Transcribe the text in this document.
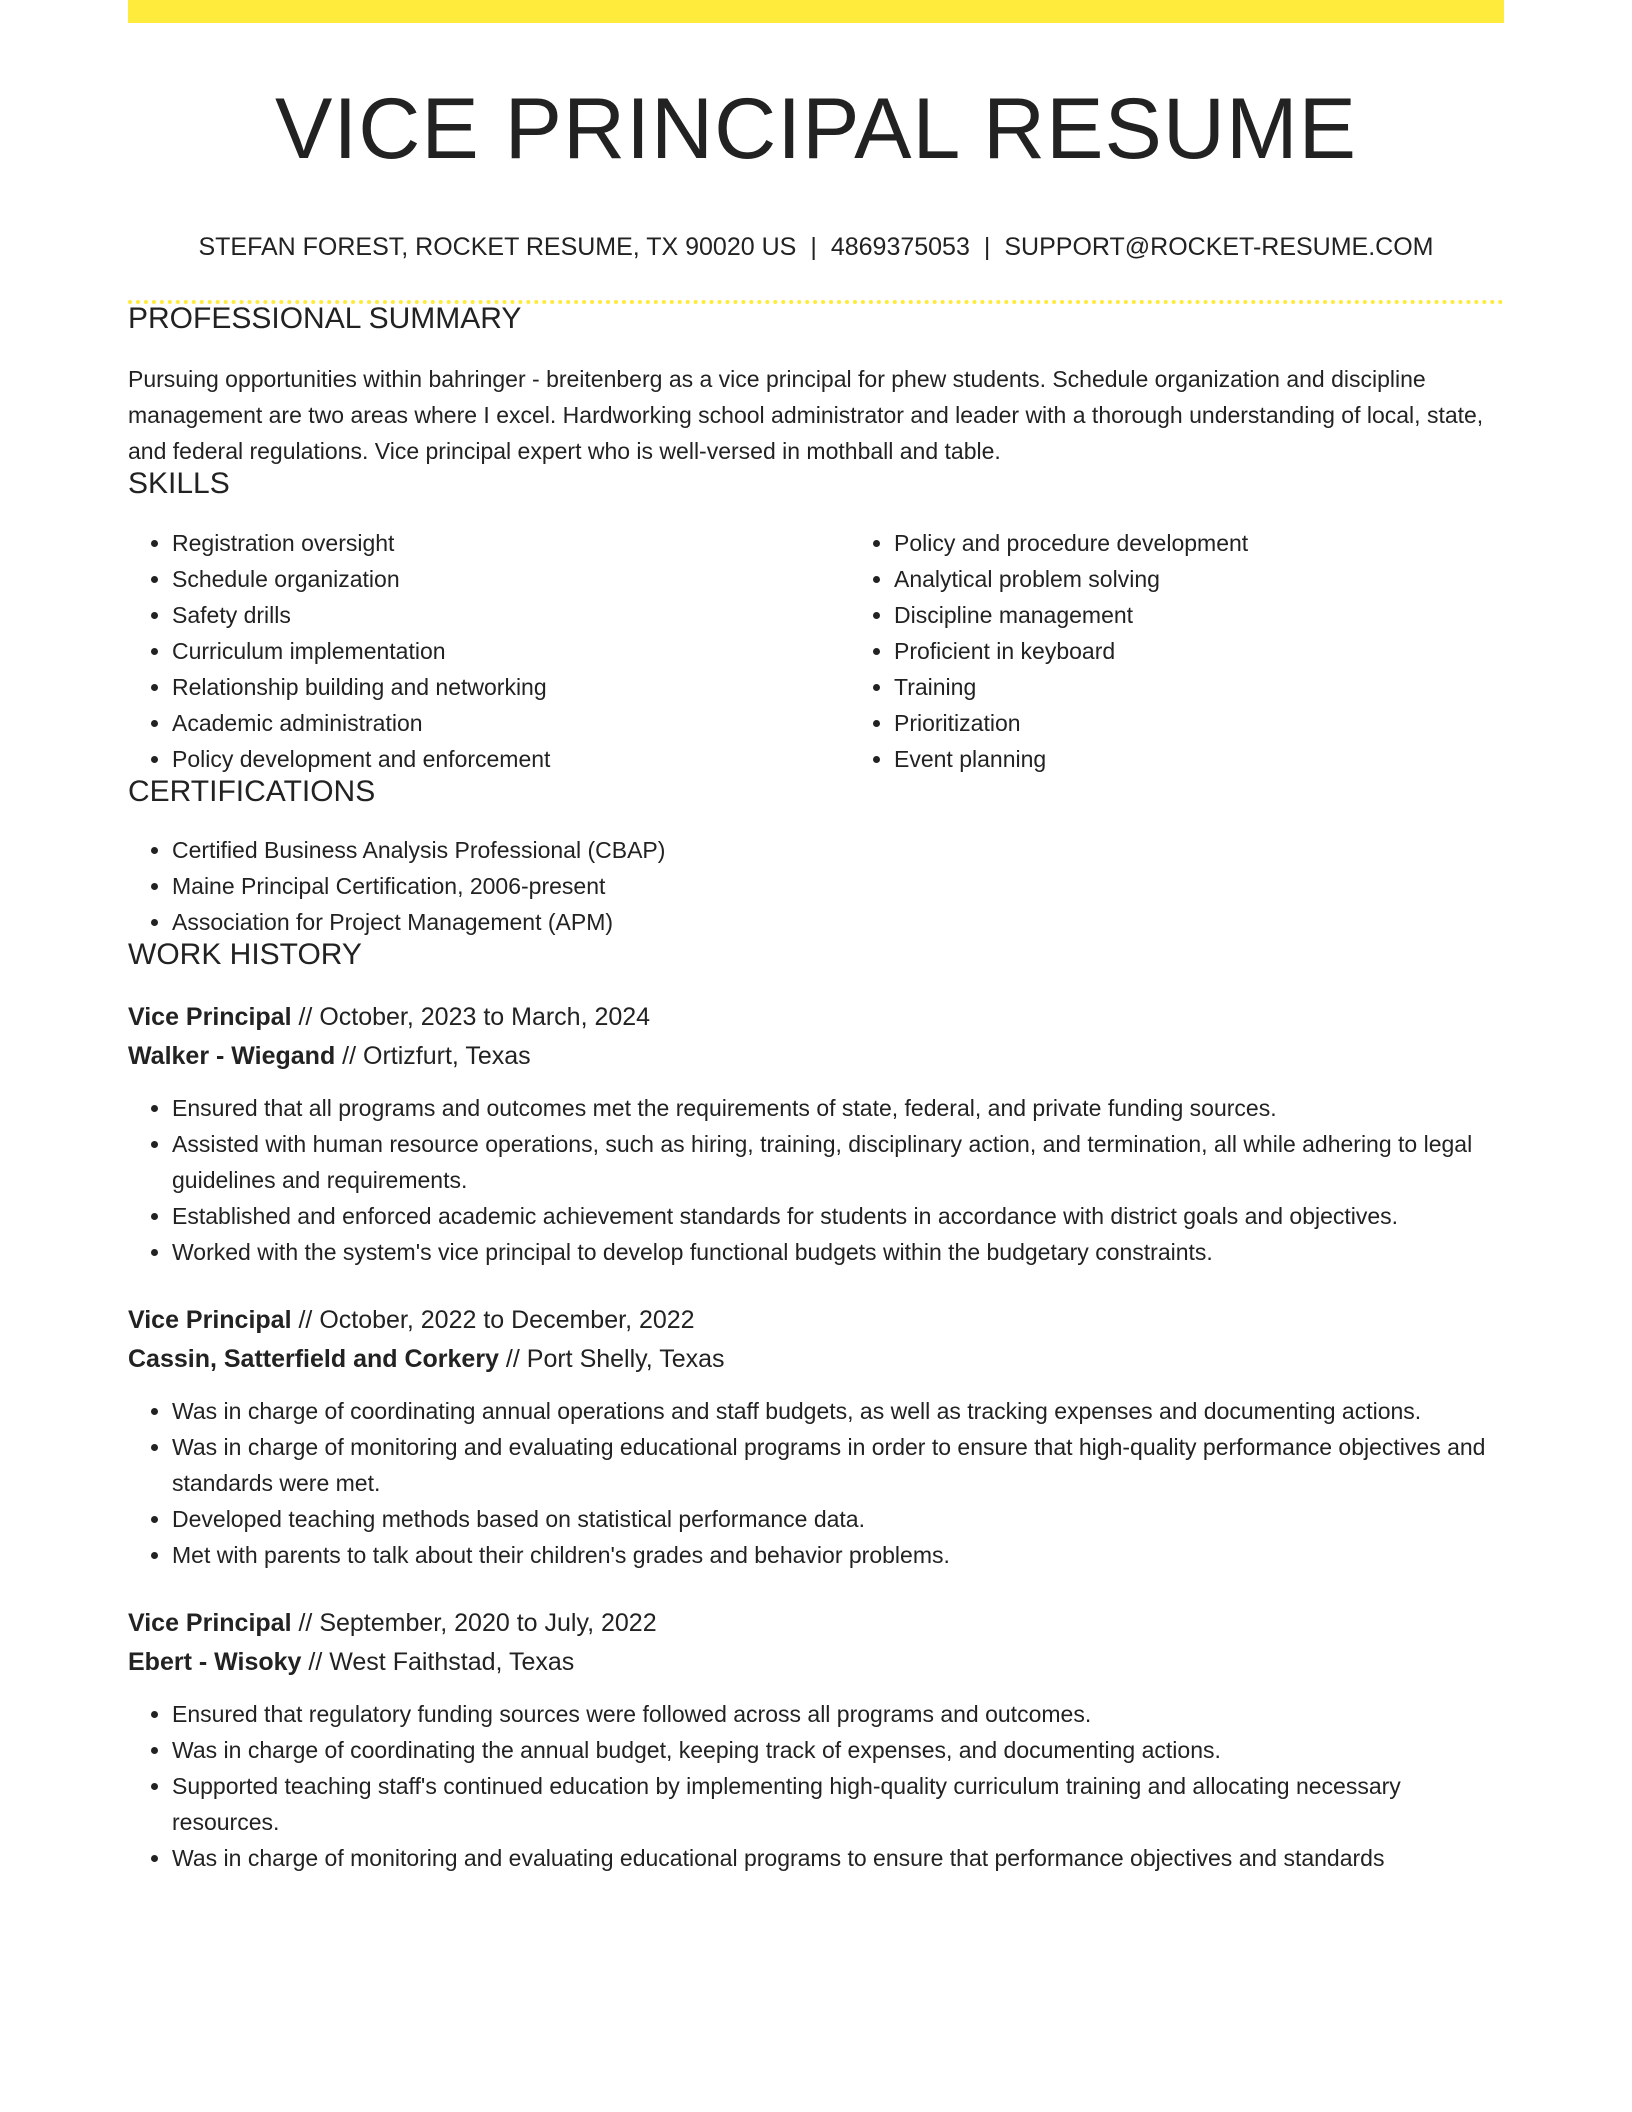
VICE PRINCIPAL RESUME
STEFAN FOREST, ROCKET RESUME, TX 90020 US | 4869375053 | SUPPORT@ROCKET-RESUME.COM
PROFESSIONAL SUMMARY

Pursuing opportunities within bahringer - breitenberg as a vice principal for phew students. Schedule organization and discipline management are two areas where I excel. Hardworking school administrator and leader with a thorough understanding of local, state, and federal regulations. Vice principal expert who is well-versed in mothball and table.

SKILLS
• Registration oversight
• Schedule organization
• Safety drills
• Curriculum implementation
• Relationship building and networking
• Academic administration
• Policy development and enforcement
• Policy and procedure development
• Analytical problem solving
• Discipline management
• Proficient in keyboard
• Training
• Prioritization
• Event planning
CERTIFICATIONS
• Certified Business Analysis Professional (CBAP)
• Maine Principal Certification, 2006-present
• Association for Project Management (APM)
WORK HISTORY
Vice Principal // October, 2023 to March, 2024
Walker - Wiegand // Ortizfurt, Texas
• Ensured that all programs and outcomes met the requirements of state, federal, and private funding sources.
• Assisted with human resource operations, such as hiring, training, disciplinary action, and termination, all while adhering to legal guidelines and requirements.
• Established and enforced academic achievement standards for students in accordance with district goals and objectives.
• Worked with the system's vice principal to develop functional budgets within the budgetary constraints.
Vice Principal // October, 2022 to December, 2022
Cassin, Satterfield and Corkery // Port Shelly, Texas
• Was in charge of coordinating annual operations and staff budgets, as well as tracking expenses and documenting actions.
• Was in charge of monitoring and evaluating educational programs in order to ensure that high-quality performance objectives and standards were met.
• Developed teaching methods based on statistical performance data.
• Met with parents to talk about their children's grades and behavior problems.
Vice Principal // September, 2020 to July, 2022
Ebert - Wisoky // West Faithstad, Texas
• Ensured that regulatory funding sources were followed across all programs and outcomes.
• Was in charge of coordinating the annual budget, keeping track of expenses, and documenting actions.
• Supported teaching staff's continued education by implementing high-quality curriculum training and allocating necessary resources.
• Was in charge of monitoring and evaluating educational programs to ensure that performance objectives and standards
